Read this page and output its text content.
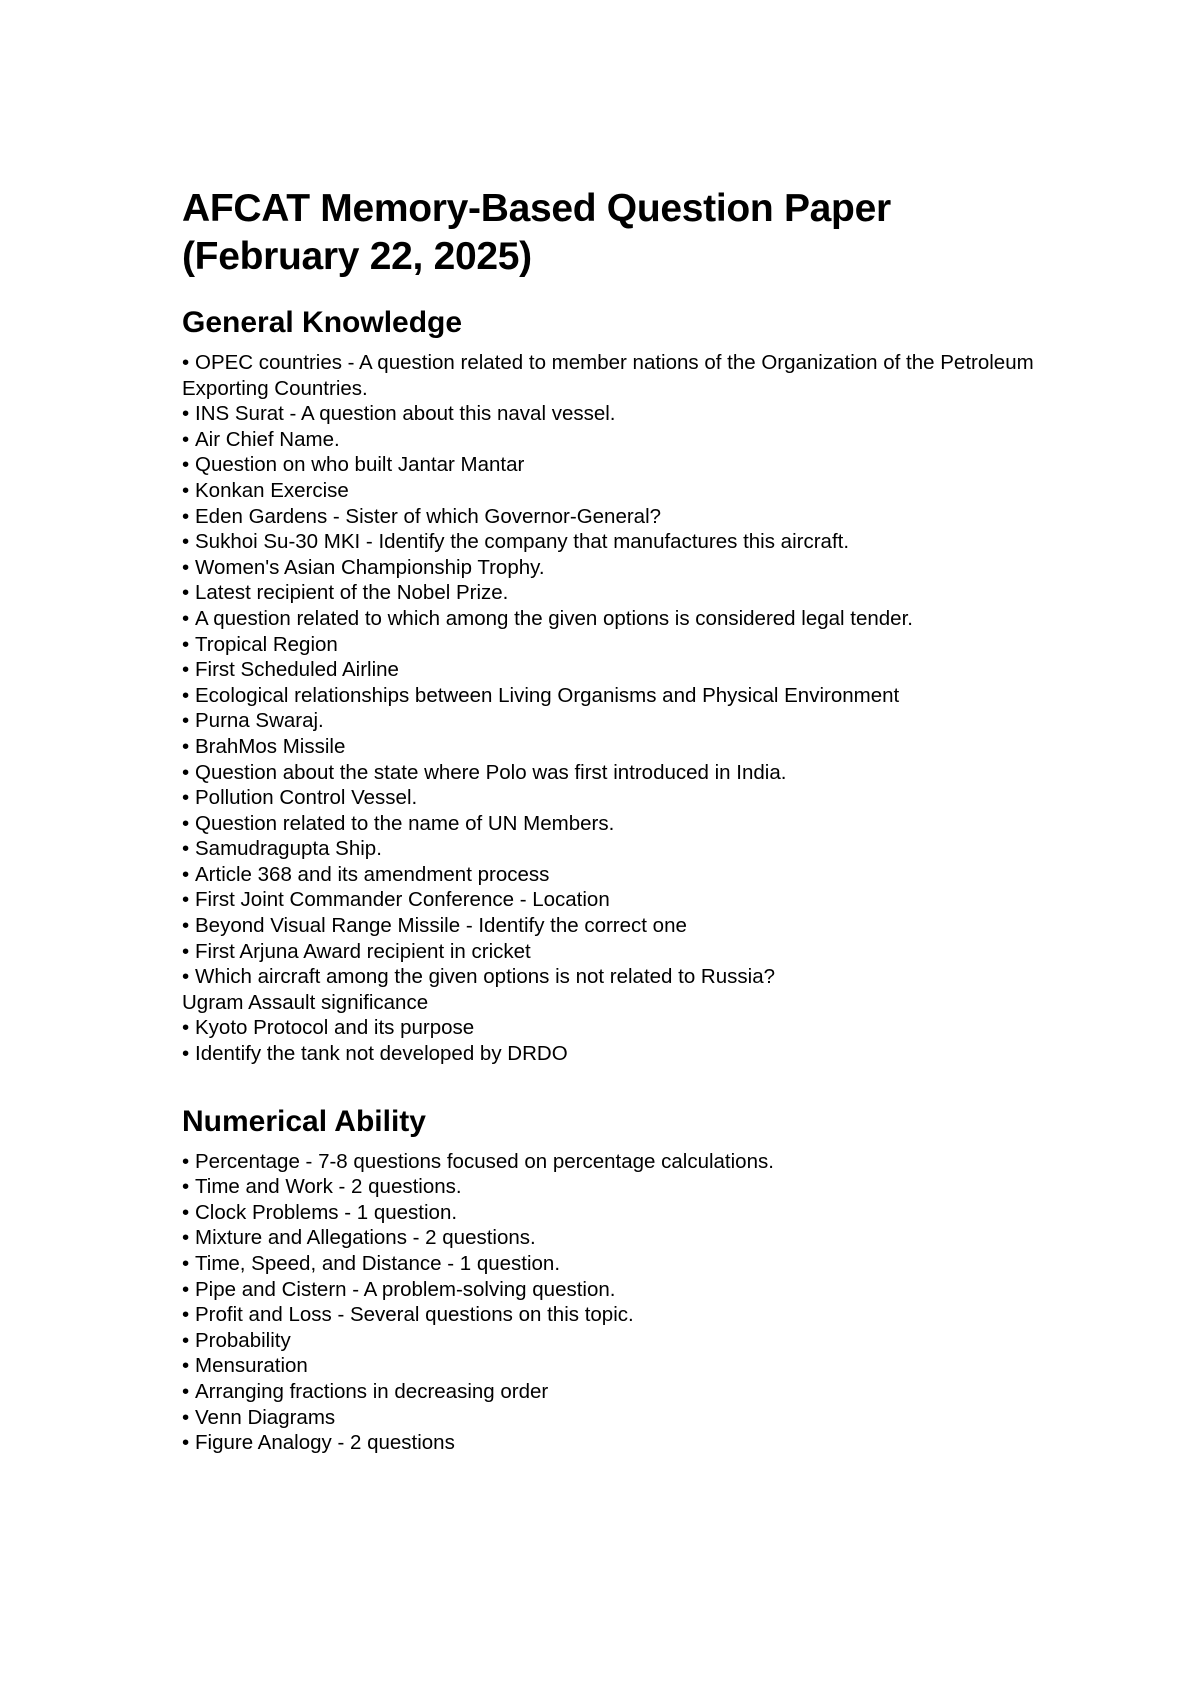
AFCAT Memory-Based Question Paper
(February 22, 2025)
General Knowledge
• OPEC countries - A question related to member nations of the Organization of the Petroleum Exporting Countries.
• INS Surat - A question about this naval vessel.
• Air Chief Name.
• Question on who built Jantar Mantar
• Konkan Exercise
• Eden Gardens - Sister of which Governor-General?
• Sukhoi Su-30 MKI - Identify the company that manufactures this aircraft.
• Women's Asian Championship Trophy.
• Latest recipient of the Nobel Prize.
• A question related to which among the given options is considered legal tender.
• Tropical Region
• First Scheduled Airline
• Ecological relationships between Living Organisms and Physical Environment
• Purna Swaraj.
• BrahMos Missile
• Question about the state where Polo was first introduced in India.
• Pollution Control Vessel.
• Question related to the name of UN Members.
• Samudragupta Ship.
• Article 368 and its amendment process
• First Joint Commander Conference - Location
• Beyond Visual Range Missile - Identify the correct one
• First Arjuna Award recipient in cricket
• Which aircraft among the given options is not related to Russia?
Ugram Assault significance
• Kyoto Protocol and its purpose
• Identify the tank not developed by DRDO
Numerical Ability
• Percentage - 7-8 questions focused on percentage calculations.
• Time and Work - 2 questions.
• Clock Problems - 1 question.
• Mixture and Allegations - 2 questions.
• Time, Speed, and Distance - 1 question.
• Pipe and Cistern - A problem-solving question.
• Profit and Loss - Several questions on this topic.
• Probability
• Mensuration
• Arranging fractions in decreasing order
• Venn Diagrams
• Figure Analogy - 2 questions
